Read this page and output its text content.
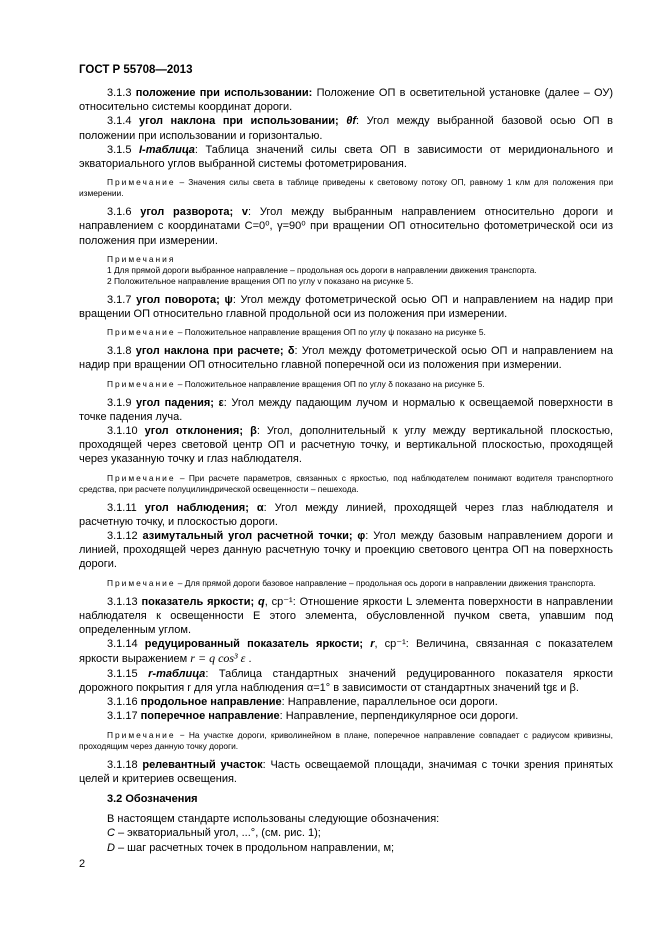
ГОСТ Р 55708—2013

3.1.3 положение при использовании: Положение ОП в осветительной установке (далее – ОУ) относительно системы координат дороги.

3.1.4 угол наклона при использовании; θf: Угол между выбранной базовой осью ОП в положении при использовании и горизонталью.

3.1.5 I-таблица: Таблица значений силы света ОП в зависимости от меридионального и экваториального углов выбранной системы фотометрирования.

Примечание – Значения силы света в таблице приведены к световому потоку ОП, равному 1 клм для положения при измерении.

3.1.6 угол разворота; v: Угол между выбранным направлением относительно дороги и направлением с координатами С=0⁰, γ=90⁰ при вращении ОП относительно фотометрической оси из положения при измерении.

Примечания

1 Для прямой дороги выбранное направление – продольная ось дороги в направлении движения транспорта.

2 Положительное направление вращения ОП по углу v показано на рисунке 5.

3.1.7 угол поворота; ψ: Угол между фотометрической осью ОП и направлением на надир при вращении ОП относительно главной продольной оси из положения при измерении.

Примечание – Положительное направление вращения ОП по углу ψ показано на рисунке 5.

3.1.8 угол наклона при расчете; δ: Угол между фотометрической осью ОП и направлением на надир при вращении ОП относительно главной поперечной оси из положения при измерении.

Примечание – Положительное направление вращения ОП по углу δ показано на рисунке 5.

3.1.9 угол падения; ε: Угол между падающим лучом и нормалью к освещаемой поверхности в точке падения луча.

3.1.10 угол отклонения; β: Угол, дополнительный к углу между вертикальной плоскостью, проходящей через световой центр ОП и расчетную точку, и вертикальной плоскостью, проходящей через указанную точку и глаз наблюдателя.

Примечание – При расчете параметров, связанных с яркостью, под наблюдателем понимают водителя транспортного средства, при расчете полуцилиндрической освещенности – пешехода.

3.1.11 угол наблюдения; α: Угол между линией, проходящей через глаз наблюдателя и расчетную точку, и плоскостью дороги.

3.1.12 азимутальный угол расчетной точки; φ: Угол между базовым направлением дороги и линией, проходящей через данную расчетную точку и проекцию светового центра ОП на поверхность дороги.

Примечание – Для прямой дороги базовое направление – продольная ось дороги в направлении движения транспорта.

3.1.13 показатель яркости; q, ср⁻¹: Отношение яркости L элемента поверхности в направлении наблюдателя к освещенности E этого элемента, обусловленной пучком света, упавшим под определенным углом.

3.1.14 редуцированный показатель яркости; r, ср⁻¹: Величина, связанная с показателем яркости выражением r = q cos³ ε .

3.1.15 r-таблица: Таблица стандартных значений редуцированного показателя яркости дорожного покрытия r для угла наблюдения α=1° в зависимости от стандартных значений tgε и β.

3.1.16 продольное направление: Направление, параллельное оси дороги.

3.1.17 поперечное направление: Направление, перпендикулярное оси дороги.

Примечание − На участке дороги, криволинейном в плане, поперечное направление совпадает с радиусом кривизны, проходящим через данную точку дороги.

3.1.18 релевантный участок: Часть освещаемой площади, значимая с точки зрения принятых целей и критериев освещения.

3.2 Обозначения

В настоящем стандарте использованы следующие обозначения:

C – экваториальный угол, ...°, (см. рис. 1);

D – шаг расчетных точек в продольном направлении, м;

2
